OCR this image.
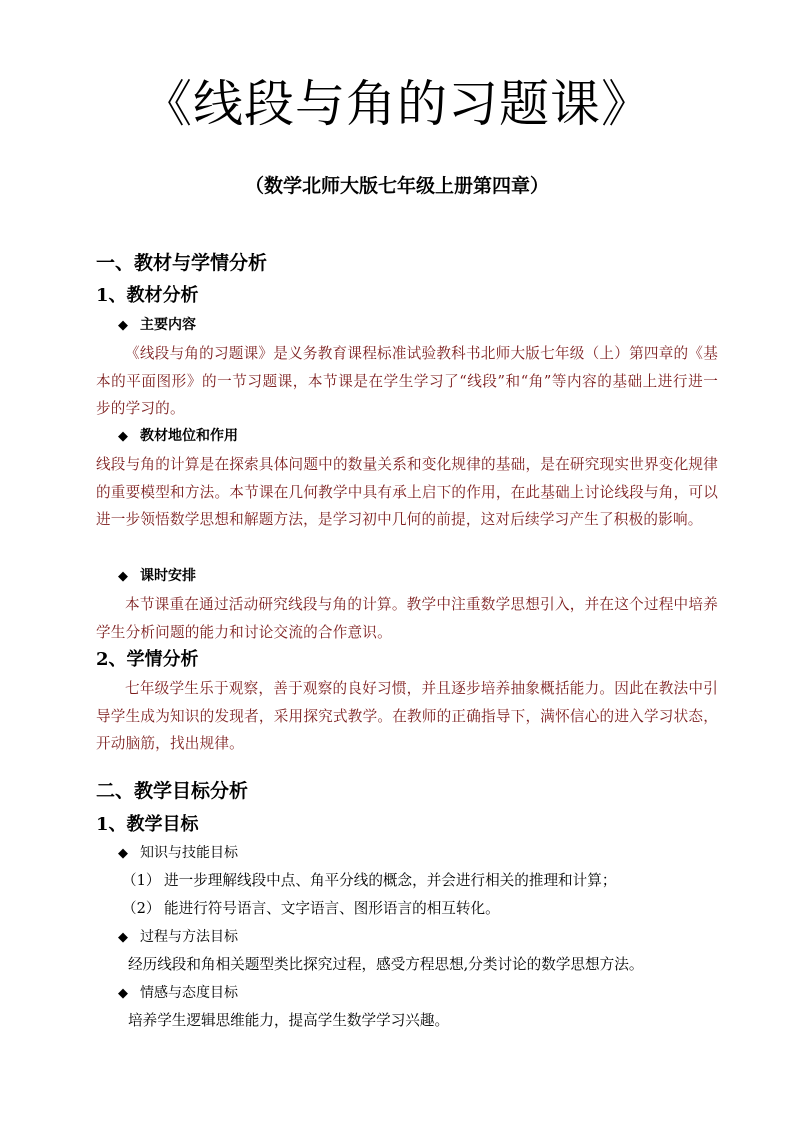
《线段与角的习题课》
（数学北师大版七年级上册第四章）
一、教材与学情分析
1、教材分析
◆ 主要内容
《线段与角的习题课》是义务教育课程标准试验教科书北师大版七年级（上）第四章的《基本的平面图形》的一节习题课，本节课是在学生学习了“线段”和“角”等内容的基础上进行进一步的学习的。
◆ 教材地位和作用
线段与角的计算是在探索具体问题中的数量关系和变化规律的基础，是在研究现实世界变化规律的重要模型和方法。本节课在几何教学中具有承上启下的作用，在此基础上讨论线段与角，可以进一步领悟数学思想和解题方法，是学习初中几何的前提，这对后续学习产生了积极的影响。
◆ 课时安排
本节课重在通过活动研究线段与角的计算。教学中注重数学思想引入，并在这个过程中培养学生分析问题的能力和讨论交流的合作意识。
2、学情分析
七年级学生乐于观察，善于观察的良好习惯，并且逐步培养抽象概括能力。因此在教法中引导学生成为知识的发现者，采用探究式教学。在教师的正确指导下，满怀信心的进入学习状态，开动脑筋，找出规律。
二、教学目标分析
1、教学目标
◆ 知识与技能目标
（1） 进一步理解线段中点、角平分线的概念，并会进行相关的推理和计算；
（2） 能进行符号语言、文字语言、图形语言的相互转化。
◆ 过程与方法目标
经历线段和角相关题型类比探究过程，感受方程思想,分类讨论的数学思想方法。
◆ 情感与态度目标
培养学生逻辑思维能力，提高学生数学学习兴趣。
